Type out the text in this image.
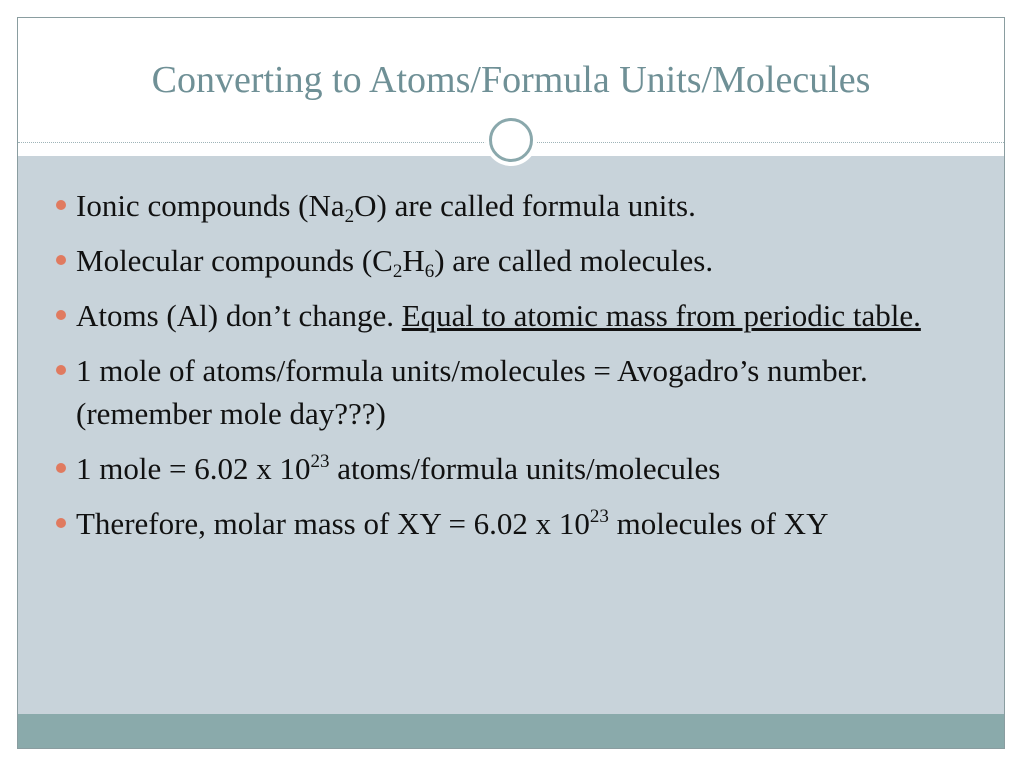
Converting to Atoms/Formula Units/Molecules
Ionic compounds $(Na_2O)$ are called formula units.
Molecular compounds $(C_2H_6)$ are called molecules.
Atoms (Al) don’t change. Equal to atomic mass from periodic table.
1 mole of atoms/formula units/molecules = Avogadro’s number. (remember mole day???)
1 mole = 6.02 x $10^{23}$ atoms/formula units/molecules
Therefore, molar mass of XY = 6.02 x $10^{23}$ molecules of XY
